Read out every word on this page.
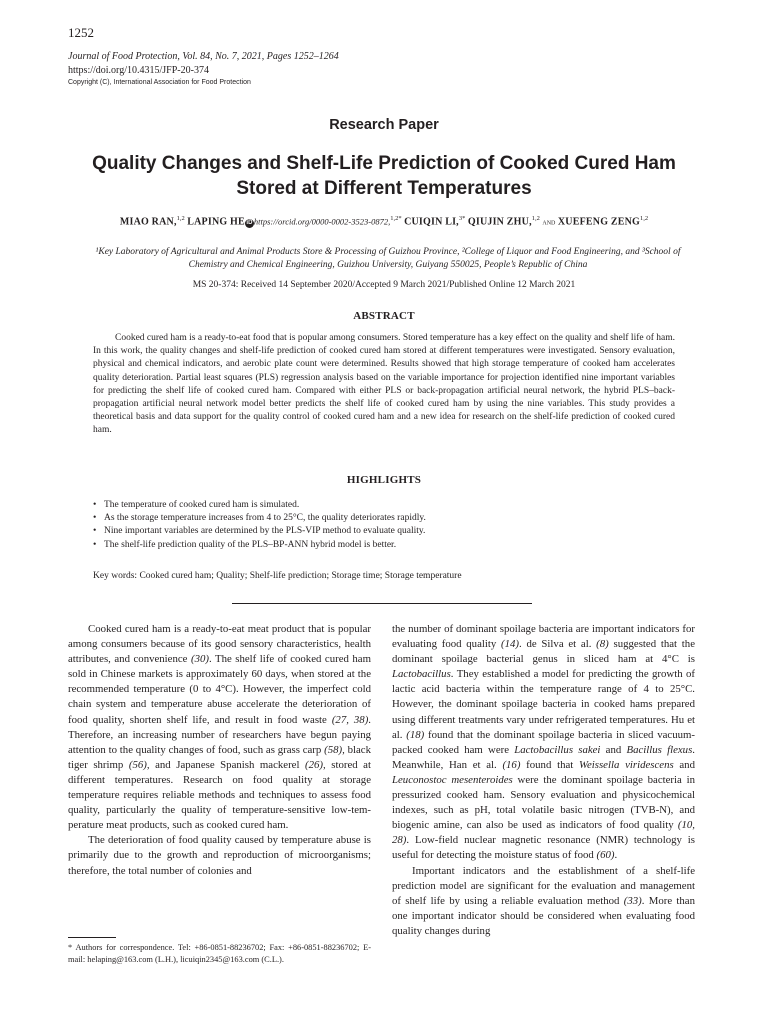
1252
Journal of Food Protection, Vol. 84, No. 7, 2021, Pages 1252–1264
https://doi.org/10.4315/JFP-20-374
Copyright (C), International Association for Food Protection
Research Paper
Quality Changes and Shelf-Life Prediction of Cooked Cured Ham Stored at Different Temperatures
MIAO RAN,$^{1,2}$ LAPING HE iD https://orcid.org/0000-0002-3523-0872,$^{1,2*}$ CUIQIN LI,$^{3*}$ QIUJIN ZHU,$^{1,2}$ and XUEFENG ZENG$^{1,2}$
¹Key Laboratory of Agricultural and Animal Products Store & Processing of Guizhou Province, ²College of Liquor and Food Engineering, and ³School of Chemistry and Chemical Engineering, Guizhou University, Guiyang 550025, People’s Republic of China
MS 20-374: Received 14 September 2020/Accepted 9 March 2021/Published Online 12 March 2021
ABSTRACT
Cooked cured ham is a ready-to-eat food that is popular among consumers. Stored temperature has a key effect on the quality and shelf life of ham. In this work, the quality changes and shelf-life prediction of cooked cured ham stored at different temperatures were investigated. Sensory evaluation, physical and chemical indicators, and aerobic plate count were determined. Results showed that high storage temperature of cooked ham accelerates quality deterioration. Partial least squares (PLS) regression analysis based on the variable importance for projection identified nine important variables for predicting the shelf life of cooked cured ham. Compared with either PLS or back-propagation artificial neural network, the hybrid PLS–back-propagation artificial neural network model better predicts the shelf life of cooked cured ham by using the nine variables. This study provides a theoretical basis and data support for the quality control of cooked cured ham and a new idea for research on the shelf-life prediction of cooked cured ham.
HIGHLIGHTS
• The temperature of cooked cured ham is simulated.
• As the storage temperature increases from 4 to 25°C, the quality deteriorates rapidly.
• Nine important variables are determined by the PLS-VIP method to evaluate quality.
• The shelf-life prediction quality of the PLS–BP-ANN hybrid model is better.
Key words: Cooked cured ham; Quality; Shelf-life prediction; Storage time; Storage temperature

Cooked cured ham is a ready-to-eat meat product that is popular among consumers because of its good sensory characteristics, health attributes, and convenience (30). The shelf life of cooked cured ham sold in Chinese markets is approximately 60 days, when stored at the recommended temperature (0 to 4°C). However, the imperfect cold chain system and temperature abuse accelerate the deterioration of food quality, shorten shelf life, and result in food waste (27, 38). Therefore, an increasing number of researchers have begun paying attention to the quality changes of food, such as grass carp (58), black tiger shrimp (56), and Japanese Spanish mackerel (26), stored at different temperatures. Research on food quality at storage temperature requires reliable methods and techniques to assess food quality, particularly the quality of temperature-sensitive low-temperature meat products, such as cooked cured ham.

The deterioration of food quality caused by temperature abuse is primarily due to the growth and reproduction of microorganisms; therefore, the total number of colonies and

the number of dominant spoilage bacteria are important indicators for evaluating food quality (14). de Silva et al. (8) suggested that the dominant spoilage bacterial genus in sliced ham at 4°C is Lactobacillus. They established a model for predicting the growth of lactic acid bacteria within the temperature range of 4 to 25°C. However, the dominant spoilage bacteria in cooked hams prepared using different treatments vary under refrigerated temperatures. Hu et al. (18) found that the dominant spoilage bacteria in sliced vacuum-packed cooked ham were Lactobacillus sakei and Bacillus flexus. Meanwhile, Han et al. (16) found that Weissella viridescens and Leuconostoc mesenteroides were the dominant spoilage bacteria in pressurized cooked ham. Sensory evaluation and physicochemical indexes, such as pH, total volatile basic nitrogen (TVB-N), and biogenic amine, can also be used as indicators of food quality (10, 28). Low-field nuclear magnetic resonance (NMR) technology is useful for detecting the moisture status of food (60).

Important indicators and the establishment of a shelf-life prediction model are significant for the evaluation and management of shelf life by using a reliable evaluation method (33). More than one important indicator should be considered when evaluating food quality changes during

* Authors for correspondence. Tel: +86-0851-88236702; Fax: +86-0851-88236702; E-mail: helaping@163.com (L.H.), licuiqin2345@163.com (C.L.).
